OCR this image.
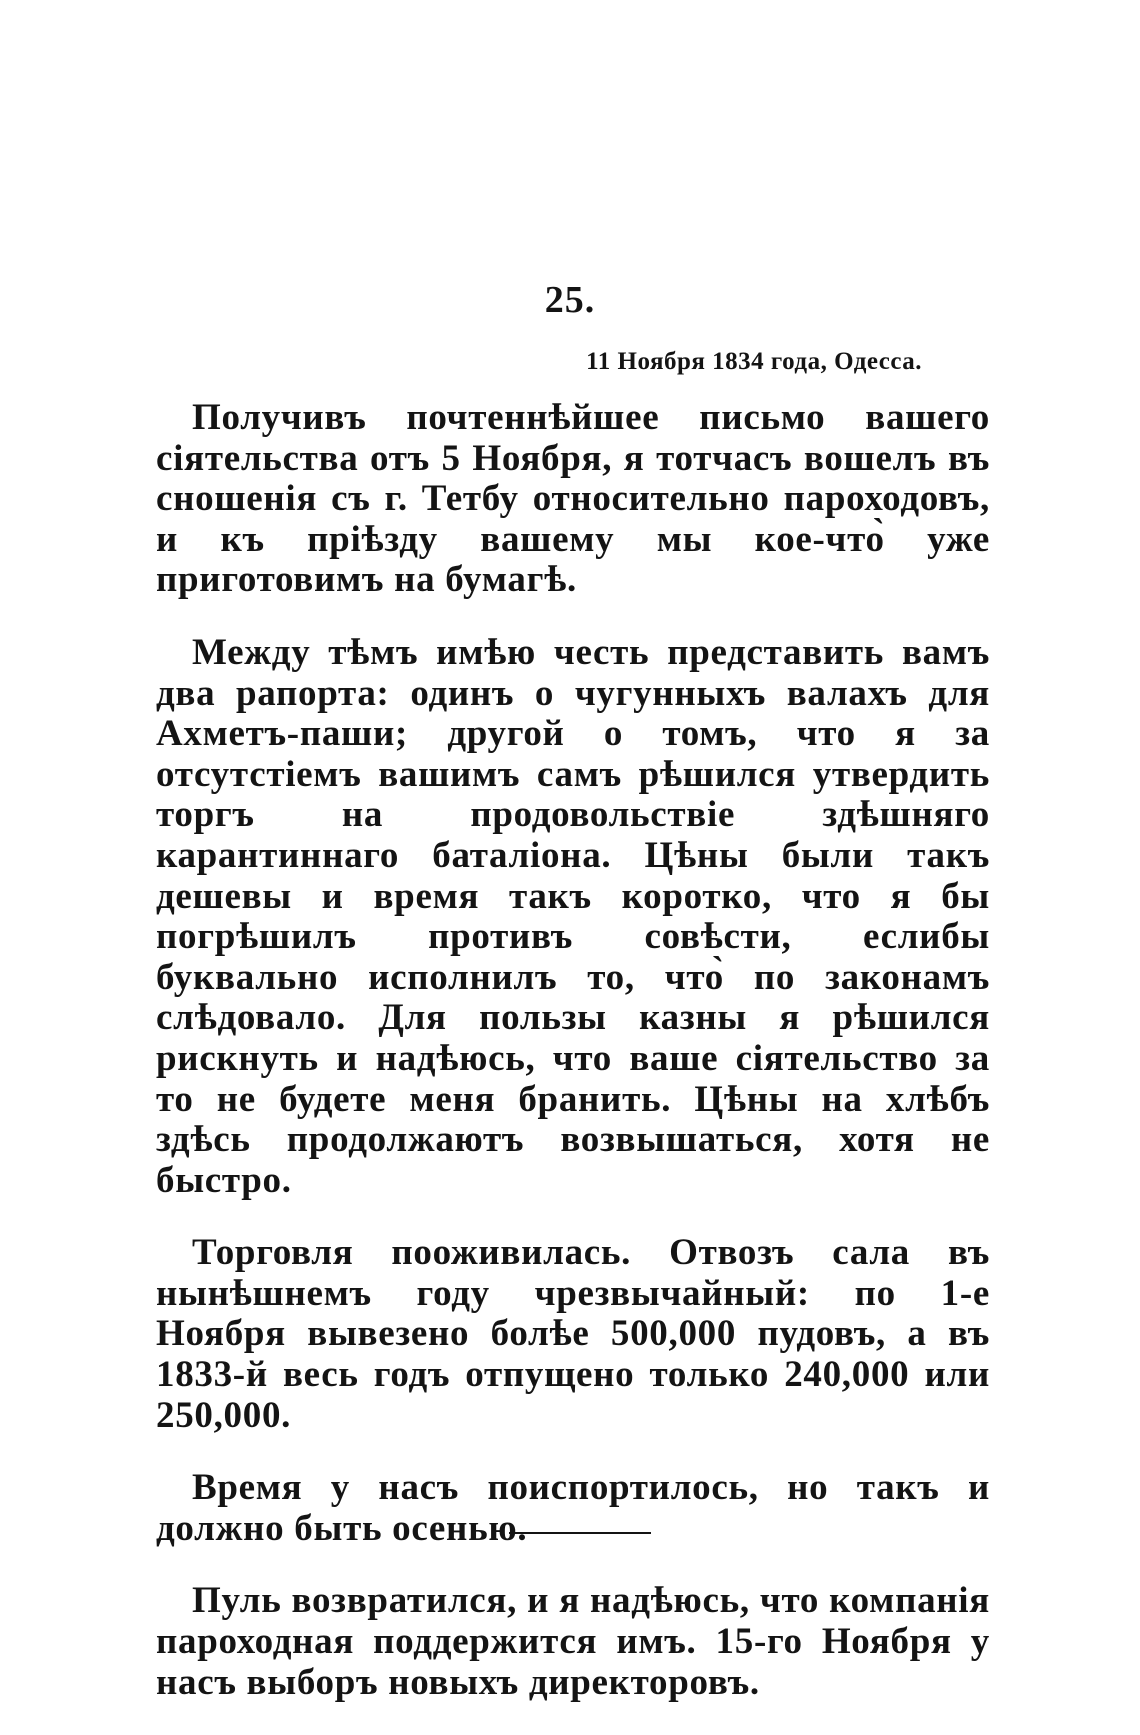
25.
11 Ноября 1834 года, Одесса.

Получивъ почтеннѣйшее письмо вашего сіятельства отъ 5 Ноября, я тотчасъ вошелъ въ сношенія съ г. Тетбу относительно пароходовъ, и къ пріѣзду вашему мы кое-что̀ уже приготовимъ на бумагѣ.

Между тѣмъ имѣю честь представить вамъ два рапорта: одинъ о чугунныхъ валахъ для Ахметъ-паши; другой о томъ, что я за отсутстіемъ вашимъ самъ рѣшился утвердить торгъ на продовольствіе здѣшняго карантиннаго баталіона. Цѣны были такъ дешевы и время такъ коротко, что я бы погрѣшилъ противъ совѣсти, еслибы буквально исполнилъ то, что̀ по законамъ слѣдовало. Для пользы казны я рѣшился рискнуть и надѣюсь, что ваше сіятельство за то не будете меня бранить. Цѣны на хлѣбъ здѣсь продолжаютъ возвышаться, хотя не быстро.

Торговля пооживилась. Отвозъ сала въ нынѣшнемъ году чрезвычайный: по 1-е Ноября вывезено болѣе 500,000 пудовъ, а въ 1833-й весь годъ отпущено только 240,000 или 250,000.

Время у насъ поиспортилось, но такъ и должно быть осенью.

Пуль возвратился, и я надѣюсь, что компанія пароходная поддержится имъ. 15-го Ноября у насъ выборъ новыхъ директоровъ.
